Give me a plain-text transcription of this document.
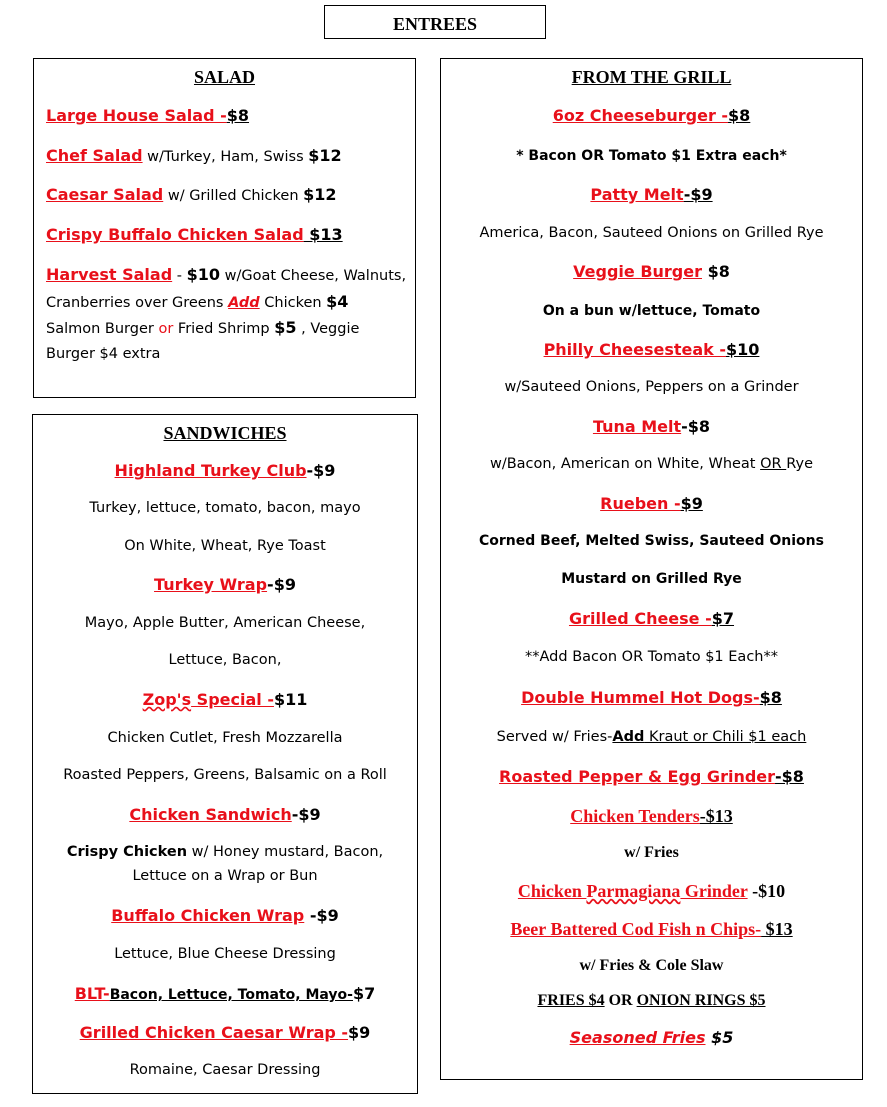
ENTREES
SALAD
Large House Salad -$8
Chef Salad w/Turkey, Ham, Swiss $12
Caesar Salad w/ Grilled Chicken $12
Crispy Buffalo Chicken Salad $13
Harvest Salad - $10 w/Goat Cheese, Walnuts,
Cranberries over Greens Add Chicken $4
Salmon Burger or Fried Shrimp $5 , Veggie
Burger $4 extra
SANDWICHES
Highland Turkey Club-$9
Turkey, lettuce, tomato, bacon, mayo
On White, Wheat, Rye Toast
Turkey Wrap-$9
Mayo, Apple Butter, American Cheese,
Lettuce, Bacon,
Zop's Special -$11
Chicken Cutlet, Fresh Mozzarella
Roasted Peppers, Greens, Balsamic on a Roll
Chicken Sandwich-$9
Crispy Chicken w/ Honey mustard, Bacon,
Lettuce on a Wrap or Bun
Buffalo Chicken Wrap -$9
Lettuce, Blue Cheese Dressing
BLT-Bacon, Lettuce, Tomato, Mayo-$7
Grilled Chicken Caesar Wrap -$9
Romaine, Caesar Dressing
FROM THE GRILL
6oz Cheeseburger -$8
* Bacon OR Tomato $1 Extra each*
Patty Melt-$9
America, Bacon, Sauteed Onions on Grilled Rye
Veggie Burger $8
On a bun w/lettuce, Tomato
Philly Cheesesteak -$10
w/Sauteed Onions, Peppers on a Grinder
Tuna Melt-$8
w/Bacon, American on White, Wheat OR Rye
Rueben -$9
Corned Beef, Melted Swiss, Sauteed Onions
Mustard on Grilled Rye
Grilled Cheese -$7
**Add Bacon OR Tomato $1 Each**
Double Hummel Hot Dogs-$8
Served w/ Fries-Add Kraut or Chili $1 each
Roasted Pepper & Egg Grinder-$8
Chicken Tenders-$13
w/ Fries
Chicken Parmagiana Grinder -$10
Beer Battered Cod Fish n Chips- $13
w/ Fries & Cole Slaw
FRIES $4 OR ONION RINGS $5
Seasoned Fries $5
